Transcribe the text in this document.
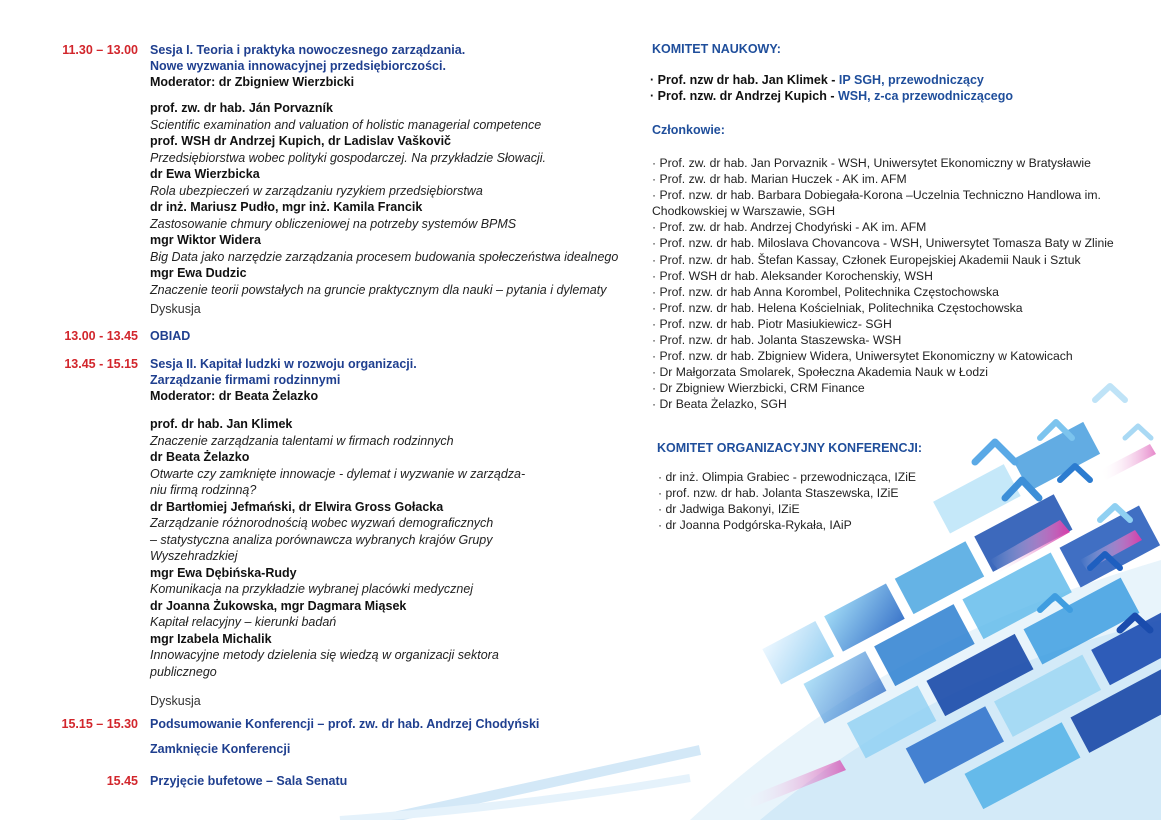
11.30 – 13.00 Sesja I. Teoria i praktyka nowoczesnego zarządzania.
Nowe wyzwania innowacyjnej przedsiębiorczości.
Moderator: dr Zbigniew Wierzbicki
prof. zw. dr hab. Ján Porvazník
Scientific examination and valuation of holistic managerial competence
prof. WSH dr Andrzej Kupich, dr Ladislav Vaškovič
Przedsiębiorstwa wobec polityki gospodarczej. Na przykładzie Słowacji.
dr Ewa Wierzbicka
Rola ubezpieczeń w zarządzaniu ryzykiem przedsiębiorstwa
dr inż. Mariusz Pudło, mgr inż. Kamila Francik
Zastosowanie chmury obliczeniowej na potrzeby systemów BPMS
mgr Wiktor Widera
Big Data jako narzędzie zarządzania procesem budowania społeczeństwa idealnego
mgr Ewa Dudzic
Znaczenie teorii powstałych na gruncie praktycznym dla nauki – pytania i dylematy
Dyskusja
13.00 - 13.45 OBIAD
13.45 - 15.15 Sesja II. Kapitał ludzki w rozwoju organizacji.
Zarządzanie firmami rodzinnymi
Moderator: dr Beata Żelazko
prof. dr hab. Jan Klimek
Znaczenie zarządzania talentami w firmach rodzinnych
dr Beata Żelazko
Otwarte czy zamknięte innowacje - dylemat i wyzwanie w zarządza-
niu firmą rodzinną?
dr Bartłomiej Jefmański, dr Elwira Gross Gołacka
Zarządzanie różnorodnością wobec wyzwań demograficznych
– statystyczna analiza porównawcza wybranych krajów Grupy
Wyszehradzkiej
mgr Ewa Dębińska-Rudy
Komunikacja na przykładzie wybranej placówki medycznej
dr Joanna Żukowska, mgr Dagmara Miąsek
Kapitał relacyjny – kierunki badań
mgr Izabela Michalik
Innowacyjne metody dzielenia się wiedzą w organizacji sektora
publicznego
Dyskusja
15.15 – 15.30 Podsumowanie Konferencji – prof. zw. dr hab. Andrzej Chodyński
Zamknięcie Konferencji
15.45 Przyjęcie bufetowe – Sala Senatu
KOMITET NAUKOWY:
· Prof. nzw dr hab. Jan Klimek - IP SGH, przewodniczący
· Prof. nzw. dr Andrzej Kupich - WSH, z-ca przewodniczącego
Członkowie:
· Prof. zw. dr hab. Jan Porvaznik - WSH, Uniwersytet Ekonomiczny w Bratysławie
· Prof. zw. dr hab. Marian Huczek - AK im. AFM
· Prof. nzw. dr hab. Barbara Dobiegała-Korona –Uczelnia Techniczno Handlowa im.
Chodkowskiej w Warszawie, SGH
· Prof. zw. dr hab. Andrzej Chodyński - AK im. AFM
· Prof. nzw. dr hab. Miloslava Chovancova - WSH, Uniwersytet Tomasza Baty w Zlinie
· Prof. nzw. dr hab. Štefan Kassay, Członek Europejskiej Akademii Nauk i Sztuk
· Prof. WSH dr hab. Aleksander Korochenskiy, WSH
· Prof. nzw. dr hab Anna Korombel, Politechnika Częstochowska
· Prof. nzw. dr hab. Helena Kościelniak, Politechnika Częstochowska
· Prof. nzw. dr hab. Piotr Masiukiewicz- SGH
· Prof. nzw. dr hab. Jolanta Staszewska- WSH
· Prof. nzw. dr hab. Zbigniew Widera, Uniwersytet Ekonomiczny w Katowicach
· Dr Małgorzata Smolarek, Społeczna Akademia Nauk w Łodzi
· Dr Zbigniew Wierzbicki, CRM Finance
· Dr Beata Żelazko, SGH
KOMITET ORGANIZACYJNY KONFERENCJI:
· dr inż. Olimpia Grabiec - przewodnicząca, IZiE
· prof. nzw. dr hab. Jolanta Staszewska, IZiE
· dr Jadwiga Bakonyi, IZiE
· dr Joanna Podgórska-Rykała, IAiP
